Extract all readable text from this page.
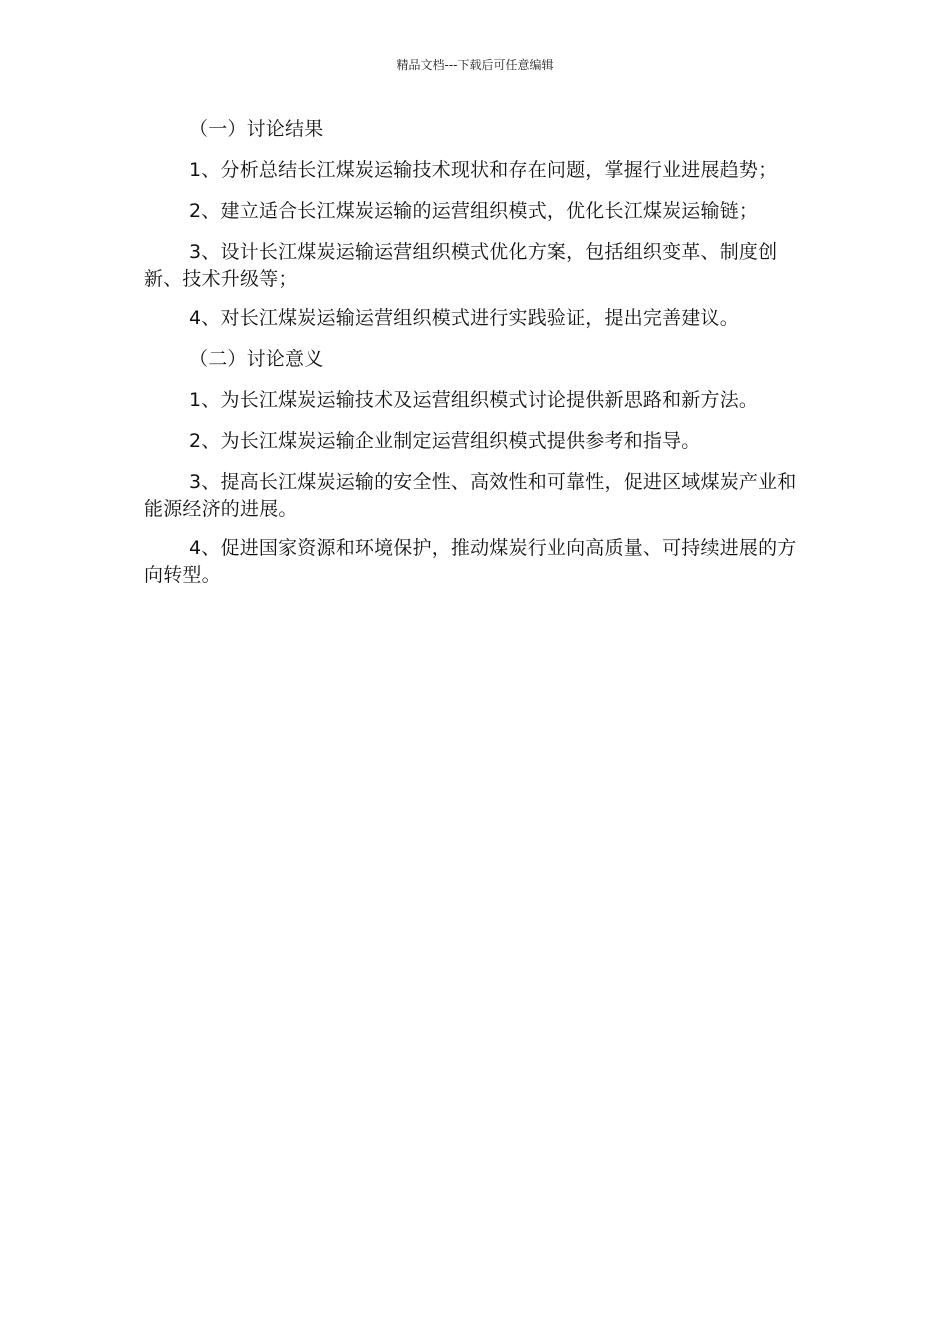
精品文档---下载后可任意编辑

（一）讨论结果

1、分析总结长江煤炭运输技术现状和存在问题，掌握行业进展趋势；

2、建立适合长江煤炭运输的运营组织模式，优化长江煤炭运输链；

3、设计长江煤炭运输运营组织模式优化方案，包括组织变革、制度创新、技术升级等；

4、对长江煤炭运输运营组织模式进行实践验证，提出完善建议。

（二）讨论意义

1、为长江煤炭运输技术及运营组织模式讨论提供新思路和新方法。

2、为长江煤炭运输企业制定运营组织模式提供参考和指导。

3、提高长江煤炭运输的安全性、高效性和可靠性，促进区域煤炭产业和能源经济的进展。

4、促进国家资源和环境保护，推动煤炭行业向高质量、可持续进展的方向转型。
